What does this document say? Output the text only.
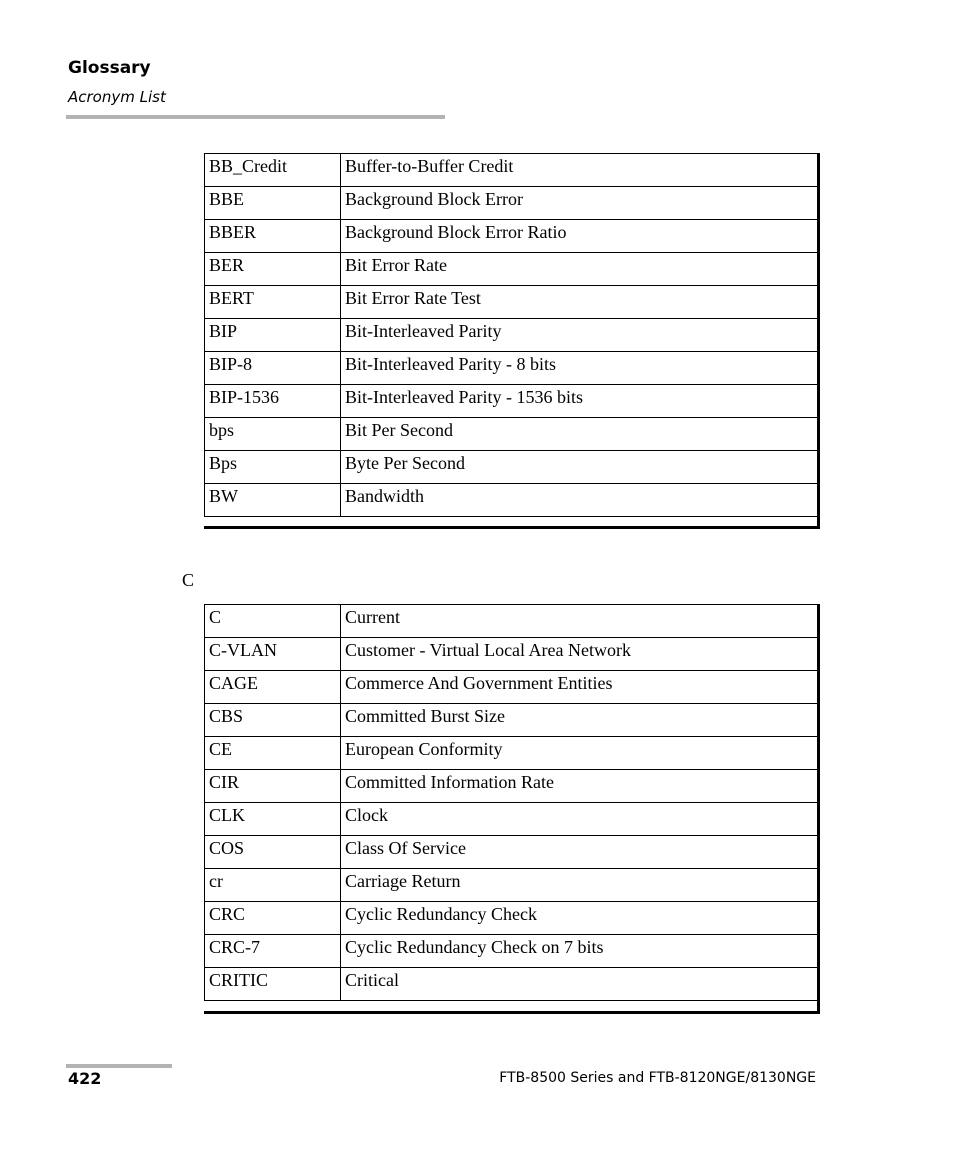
Glossary
Acronym List
BB_Credit	Buffer-to-Buffer Credit
BBE	Background Block Error
BBER	Background Block Error Ratio
BER	Bit Error Rate
BERT	Bit Error Rate Test
BIP	Bit-Interleaved Parity
BIP-8	Bit-Interleaved Parity - 8 bits
BIP-1536	Bit-Interleaved Parity - 1536 bits
bps	Bit Per Second
Bps	Byte Per Second
BW	Bandwidth
C
C	Current
C-VLAN	Customer - Virtual Local Area Network
CAGE	Commerce And Government Entities
CBS	Committed Burst Size
CE	European Conformity
CIR	Committed Information Rate
CLK	Clock
COS	Class Of Service
cr	Carriage Return
CRC	Cyclic Redundancy Check
CRC-7	Cyclic Redundancy Check on 7 bits
CRITIC	Critical
422	FTB-8500 Series and FTB-8120NGE/8130NGE
